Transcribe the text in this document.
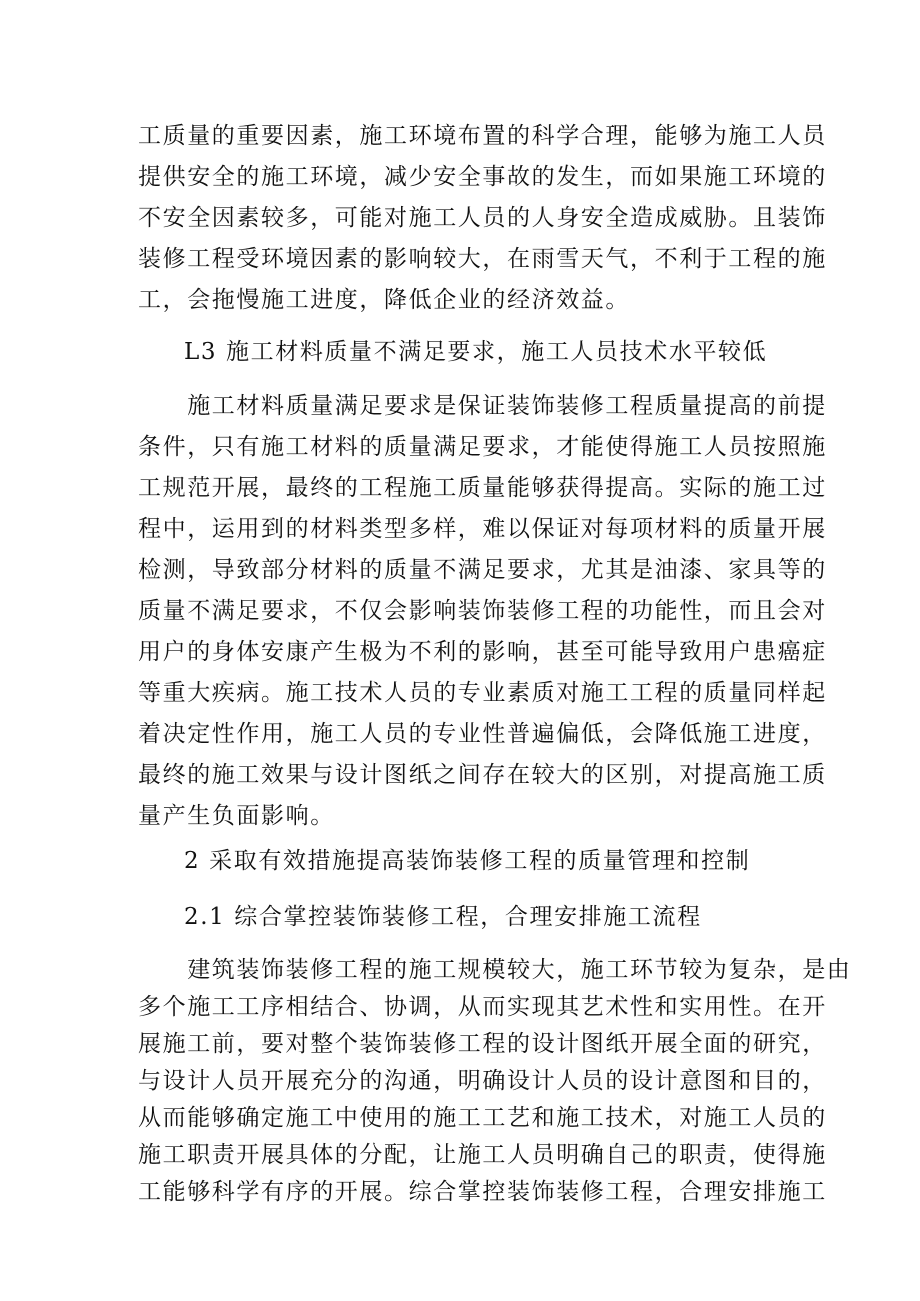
工质量的重要因素，施工环境布置的科学合理，能够为施工人员
提供安全的施工环境，减少安全事故的发生，而如果施工环境的
不安全因素较多，可能对施工人员的人身安全造成威胁。且装饰
装修工程受环境因素的影响较大，在雨雪天气，不利于工程的施
工，会拖慢施工进度，降低企业的经济效益。
L3 施工材料质量不满足要求，施工人员技术水平较低
　　施工材料质量满足要求是保证装饰装修工程质量提高的前提
条件，只有施工材料的质量满足要求，才能使得施工人员按照施
工规范开展，最终的工程施工质量能够获得提高。实际的施工过
程中，运用到的材料类型多样，难以保证对每项材料的质量开展
检测，导致部分材料的质量不满足要求，尤其是油漆、家具等的
质量不满足要求，不仅会影响装饰装修工程的功能性，而且会对
用户的身体安康产生极为不利的影响，甚至可能导致用户患癌症
等重大疾病。施工技术人员的专业素质对施工工程的质量同样起
着决定性作用，施工人员的专业性普遍偏低，会降低施工进度，
最终的施工效果与设计图纸之间存在较大的区别，对提高施工质
量产生负面影响。
2 采取有效措施提高装饰装修工程的质量管理和控制
2.1 综合掌控装饰装修工程，合理安排施工流程
　　建筑装饰装修工程的施工规模较大，施工环节较为复杂，是由
多个施工工序相结合、协调，从而实现其艺术性和实用性。在开
展施工前，要对整个装饰装修工程的设计图纸开展全面的研究，
与设计人员开展充分的沟通，明确设计人员的设计意图和目的，
从而能够确定施工中使用的施工工艺和施工技术，对施工人员的
施工职责开展具体的分配，让施工人员明确自己的职责，使得施
工能够科学有序的开展。综合掌控装饰装修工程，合理安排施工
